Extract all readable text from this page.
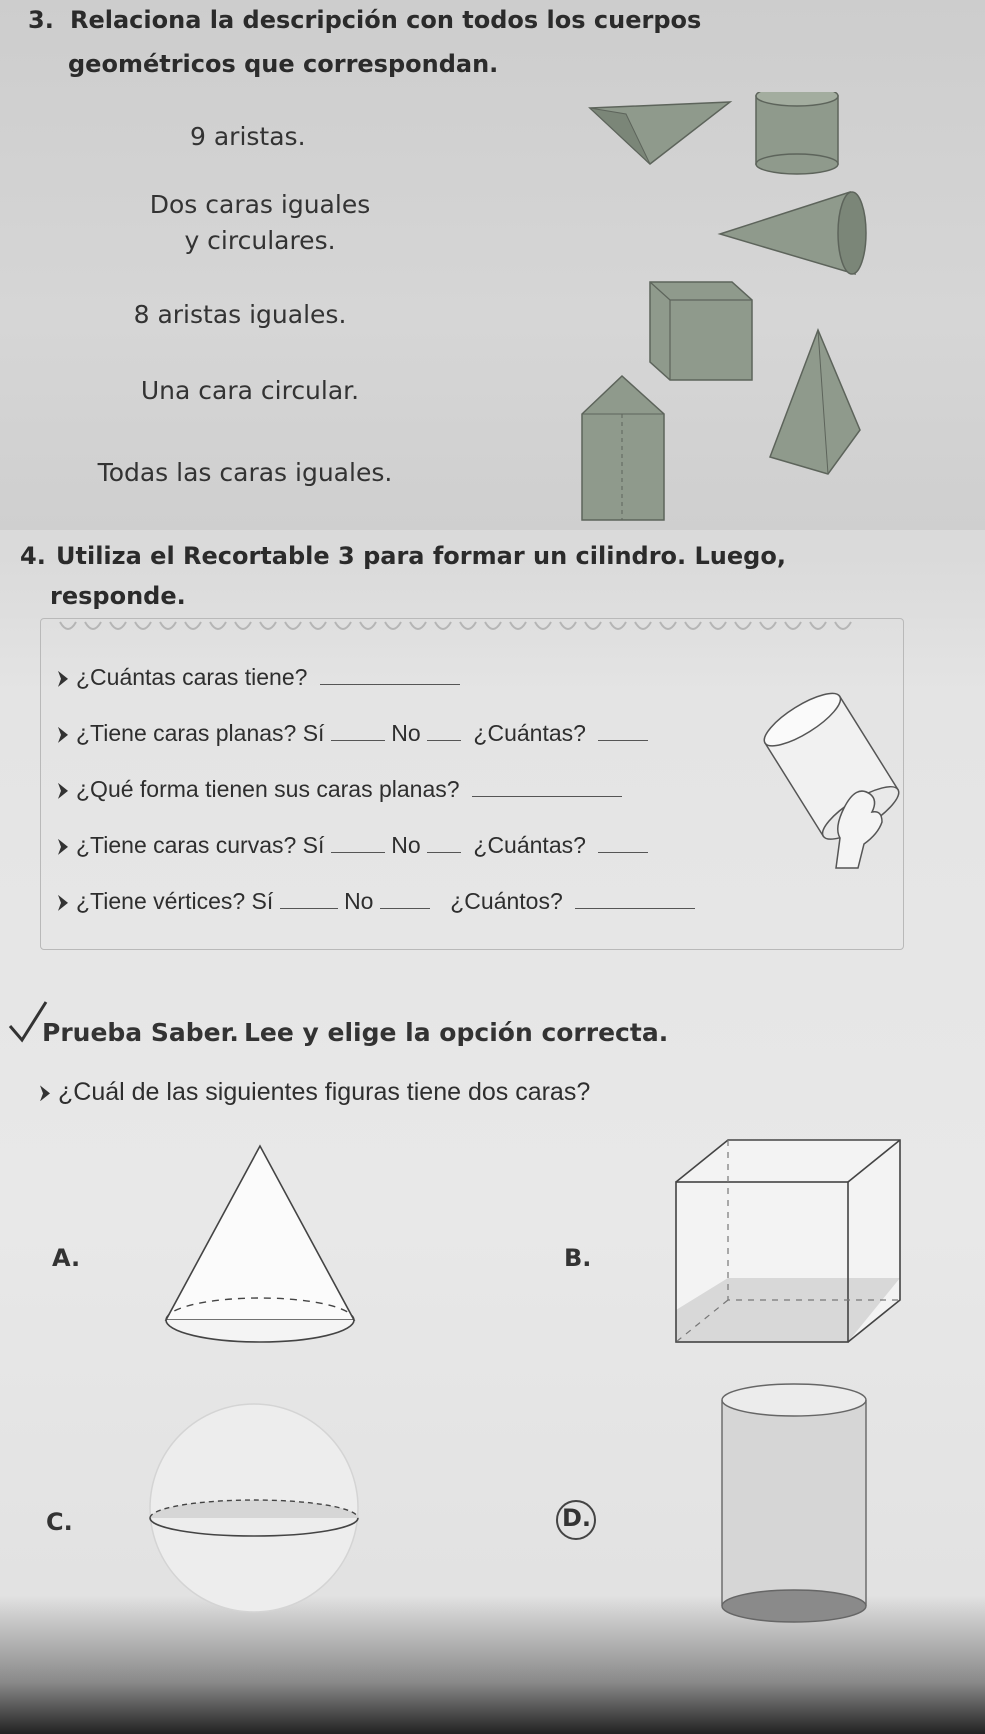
3. Relaciona la descripción con todos los cuerpos
geométricos que correspondan.
9 aristas.
Dos caras iguales
y circulares.
8 aristas iguales.
Una cara circular.
Todas las caras iguales.
4. Utiliza el Recortable 3 para formar un cilindro. Luego,
responde.
¿Cuántas caras tiene?
¿Tiene caras planas? Sí	No ¿Cuántas?
¿Qué forma tienen sus caras planas?
¿Tiene caras curvas? Sí	No ¿Cuántas?
¿Tiene vértices? Sí	No	¿Cuántos?
Prueba Saber. Lee y elige la opción correcta.
¿Cuál de las siguientes figuras tiene dos caras?
A.	B.
C.	D.
